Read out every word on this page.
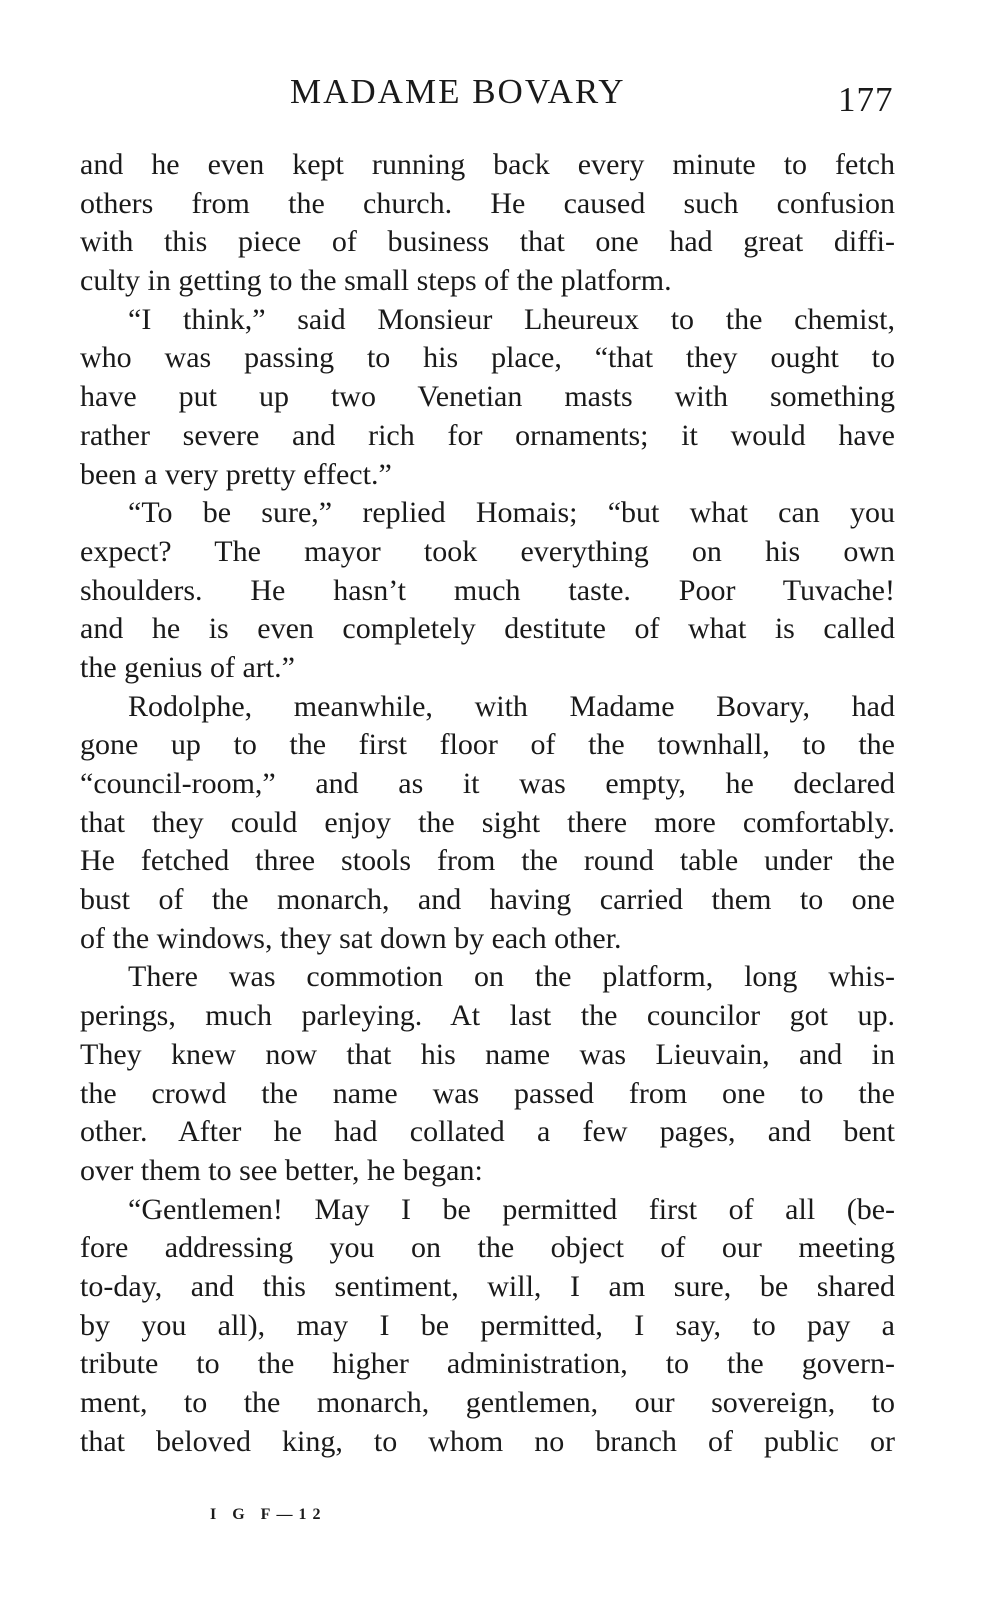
MADAME BOVARY	177
and he even kept running back every minute to fetch
others from the church. He caused such confusion
with this piece of business that one had great diffi-
culty in getting to the small steps of the platform.
“I think,” said Monsieur Lheureux to the chemist,
who was passing to his place, “that they ought to
have put up two Venetian masts with something
rather severe and rich for ornaments; it would have
been a very pretty effect.”
“To be sure,” replied Homais; “but what can you
expect? The mayor took everything on his own
shoulders. He hasn’t much taste. Poor Tuvache!
and he is even completely destitute of what is called
the genius of art.”
Rodolphe, meanwhile, with Madame Bovary, had
gone up to the first floor of the townhall, to the
“council-room,” and as it was empty, he declared
that they could enjoy the sight there more comfortably.
He fetched three stools from the round table under the
bust of the monarch, and having carried them to one
of the windows, they sat down by each other.
There was commotion on the platform, long whis-
perings, much parleying. At last the councilor got up.
They knew now that his name was Lieuvain, and in
the crowd the name was passed from one to the
other. After he had collated a few pages, and bent
over them to see better, he began:
“Gentlemen! May I be permitted first of all (be-
fore addressing you on the object of our meeting
to-day, and this sentiment, will, I am sure, be shared
by you all), may I be permitted, I say, to pay a
tribute to the higher administration, to the govern-
ment, to the monarch, gentlemen, our sovereign, to
that beloved king, to whom no branch of public or
I G F—12
